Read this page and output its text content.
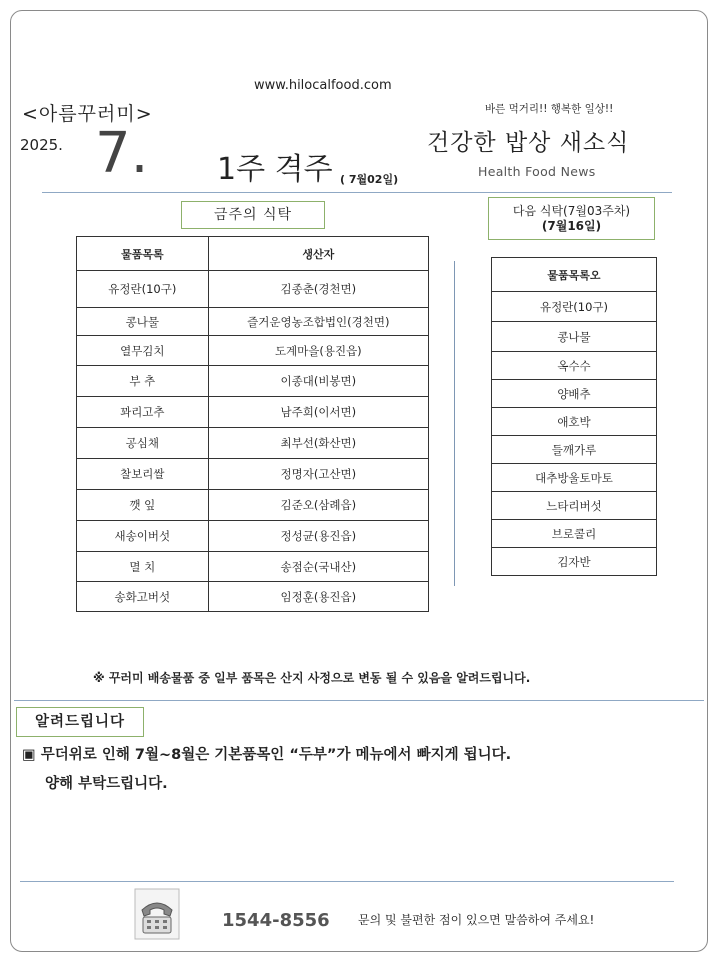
www.hilocalfood.com
<아름꾸러미>	바른 먹거리!! 행복한 일상!!
2025. 7. 1주 격주 ( 7월02일)
건강한 밥상 새소식
Health Food News
금주의 식탁	다음 식탁(7월03주차)
(7월16일)
물품목록	생산자
유정란(10구)	김종춘(경천면)
콩나물	즐거운영농조합법인(경천면)
열무김치	도계마을(용진읍)
부 추	이종대(비봉면)
꽈리고추	남주희(이서면)
공심채	최부선(화산면)
찰보리쌀	정명자(고산면)
깻 잎	김준오(삼례읍)
새송이버섯	정성균(용진읍)
멸 치	송점순(국내산)
송화고버섯	임정훈(용진읍)
물품목록오
유정란(10구)
콩나물
옥수수
양배추
애호박
들깨가루
대추방울토마토
느타리버섯
브로콜리
김자반
※ 꾸러미 배송물품 중 일부 품목은 산지 사정으로 변동 될 수 있음을 알려드립니다.
알려드립니다
▣ 무더위로 인해 7월~8월은 기본품목인 “두부”가 메뉴에서 빠지게 됩니다.
양해 부탁드립니다.
1544-8556 문의 및 불편한 점이 있으면 말씀하여 주세요!
